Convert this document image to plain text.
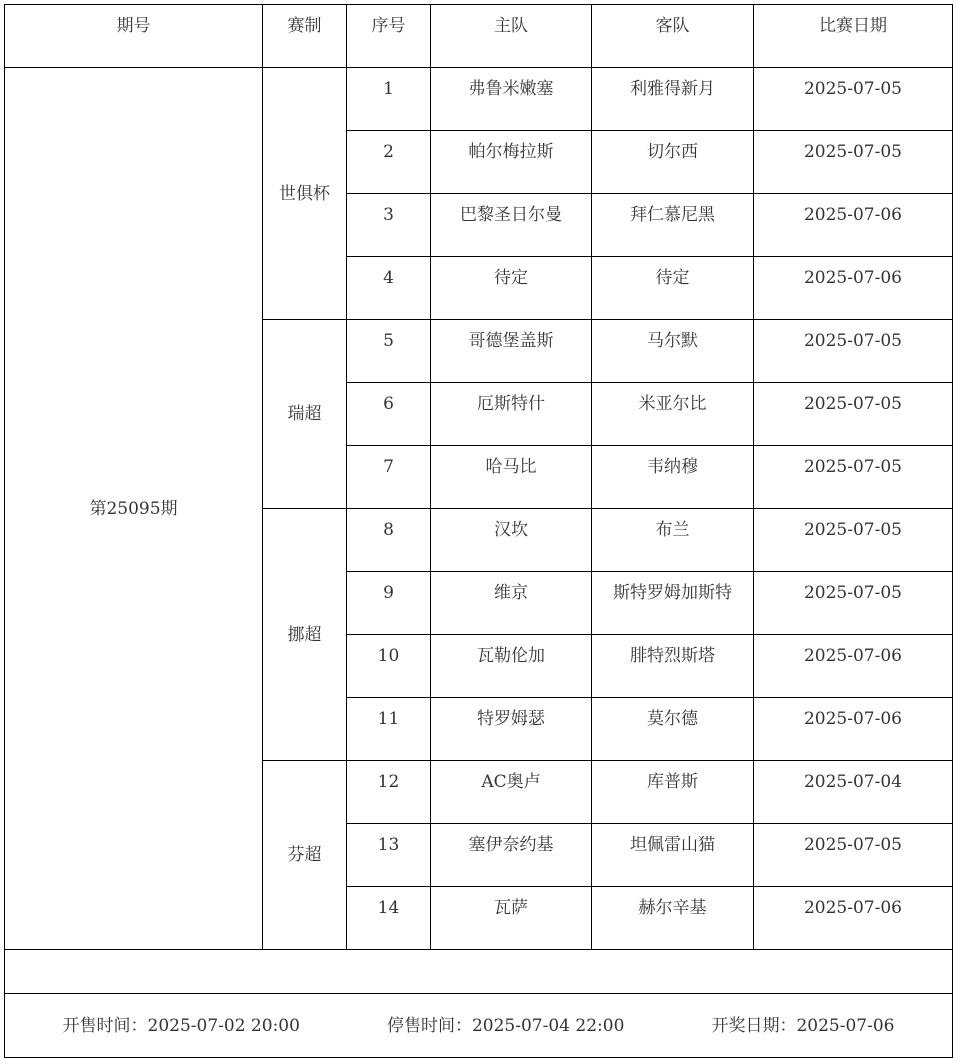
期号	赛制	序号	主队	客队	比赛日期
第25095期	世俱杯	1	弗鲁米嫩塞	利雅得新月	2025-07-05
		2	帕尔梅拉斯	切尔西	2025-07-05
		3	巴黎圣日尔曼	拜仁慕尼黑	2025-07-06
		4	待定	待定	2025-07-06
	瑞超	5	哥德堡盖斯	马尔默	2025-07-05
		6	厄斯特什	米亚尔比	2025-07-05
		7	哈马比	韦纳穆	2025-07-05
	挪超	8	汉坎	布兰	2025-07-05
		9	维京	斯特罗姆加斯特	2025-07-05
		10	瓦勒伦加	腓特烈斯塔	2025-07-06
		11	特罗姆瑟	莫尔德	2025-07-06
	芬超	12	AC奥卢	库普斯	2025-07-04
		13	塞伊奈约基	坦佩雷山猫	2025-07-05
		14	瓦萨	赫尔辛基	2025-07-06

开售时间：2025-07-02 20:00 停售时间：2025-07-04 22:00 开奖日期：2025-07-06					
